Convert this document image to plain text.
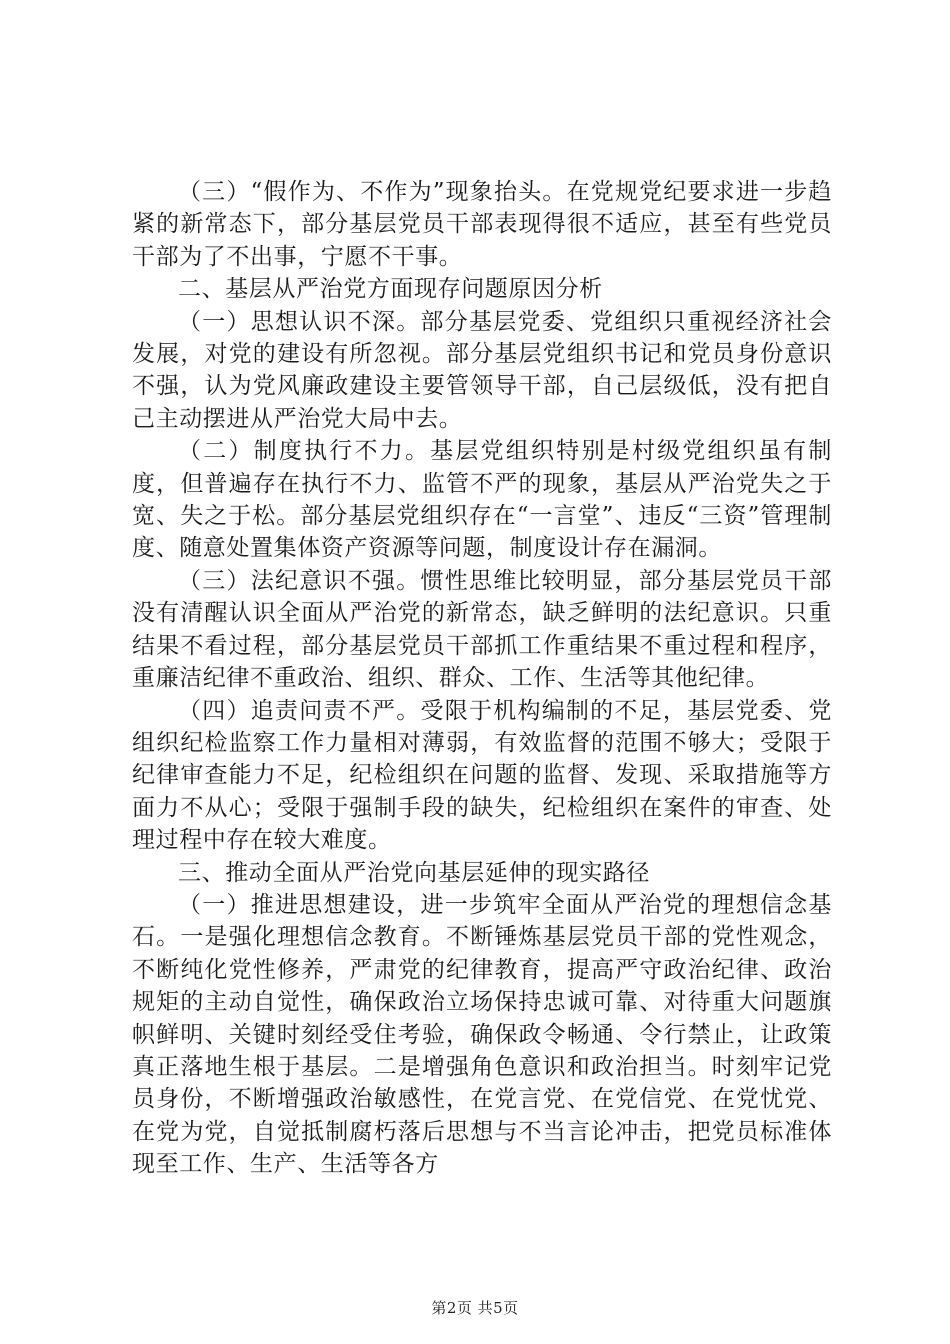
（三）“假作为、不作为”现象抬头。在党规党纪要求进一步趋紧的新常态下，部分基层党员干部表现得很不适应，甚至有些党员干部为了不出事，宁愿不干事。

二、基层从严治党方面现存问题原因分析

（一）思想认识不深。部分基层党委、党组织只重视经济社会发展，对党的建设有所忽视。部分基层党组织书记和党员身份意识不强，认为党风廉政建设主要管领导干部，自己层级低，没有把自己主动摆进从严治党大局中去。

（二）制度执行不力。基层党组织特别是村级党组织虽有制度，但普遍存在执行不力、监管不严的现象，基层从严治党失之于宽、失之于松。部分基层党组织存在“一言堂”、违反“三资”管理制度、随意处置集体资产资源等问题，制度设计存在漏洞。

（三）法纪意识不强。惯性思维比较明显，部分基层党员干部没有清醒认识全面从严治党的新常态，缺乏鲜明的法纪意识。只重结果不看过程，部分基层党员干部抓工作重结果不重过程和程序，重廉洁纪律不重政治、组织、群众、工作、生活等其他纪律。

（四）追责问责不严。受限于机构编制的不足，基层党委、党组织纪检监察工作力量相对薄弱，有效监督的范围不够大；受限于纪律审查能力不足，纪检组织在问题的监督、发现、采取措施等方面力不从心；受限于强制手段的缺失，纪检组织在案件的审查、处理过程中存在较大难度。

三、推动全面从严治党向基层延伸的现实路径

（一）推进思想建设，进一步筑牢全面从严治党的理想信念基石。一是强化理想信念教育。不断锤炼基层党员干部的党性观念，不断纯化党性修养，严肃党的纪律教育，提高严守政治纪律、政治规矩的主动自觉性，确保政治立场保持忠诚可靠、对待重大问题旗帜鲜明、关键时刻经受住考验，确保政令畅通、令行禁止，让政策真正落地生根于基层。二是增强角色意识和政治担当。时刻牢记党员身份，不断增强政治敏感性，在党言党、在党信党、在党忧党、在党为党，自觉抵制腐朽落后思想与不当言论冲击，把党员标准体现至工作、生产、生活等各方

第2页 共5页
